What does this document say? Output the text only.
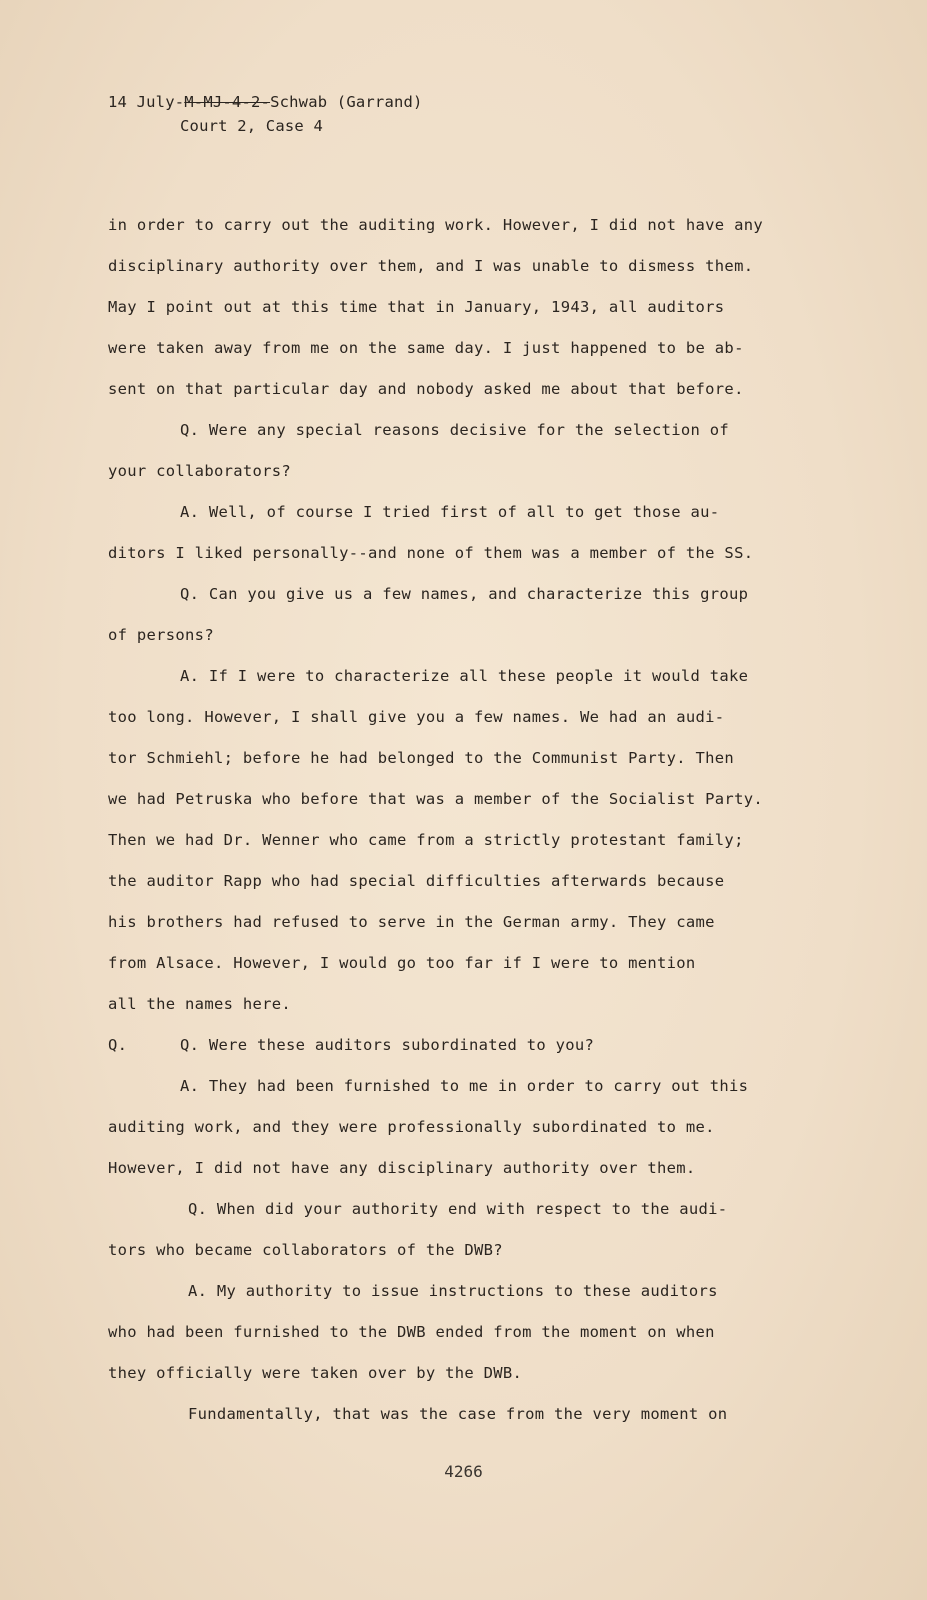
14 July-M-MJ-4-2-Schwab (Garrand)
Court 2, Case 4
in order to carry out the auditing work. However, I did not have any
disciplinary authority over them, and I was unable to dismess them.
May I point out at this time that in January, 1943, all auditors
were taken away from me on the same day. I just happened to be ab-
sent on that particular day and nobody asked me about that before.
Q. Were any special reasons decisive for the selection of
your collaborators?
A. Well, of course I tried first of all to get those au-
ditors I liked personally--and none of them was a member of the SS.
Q. Can you give us a few names, and characterize this group
of persons?
A. If I were to characterize all these people it would take
too long. However, I shall give you a few names. We had an audi-
tor Schmiehl; before he had belonged to the Communist Party. Then
we had Petruska who before that was a member of the Socialist Party.
Then we had Dr. Wenner who came from a strictly protestant family;
the auditor Rapp who had special difficulties afterwards because
his brothers had refused to serve in the German army. They came
from Alsace. However, I would go too far if I were to mention
all the names here.
Q.	Q. Were these auditors subordinated to you?
A. They had been furnished to me in order to carry out this
auditing work, and they were professionally subordinated to me.
However, I did not have any disciplinary authority over them.
Q. When did your authority end with respect to the audi-
tors who became collaborators of the DWB?
A. My authority to issue instructions to these auditors
who had been furnished to the DWB ended from the moment on when
they officially were taken over by the DWB.
Fundamentally, that was the case from the very moment on
4266
